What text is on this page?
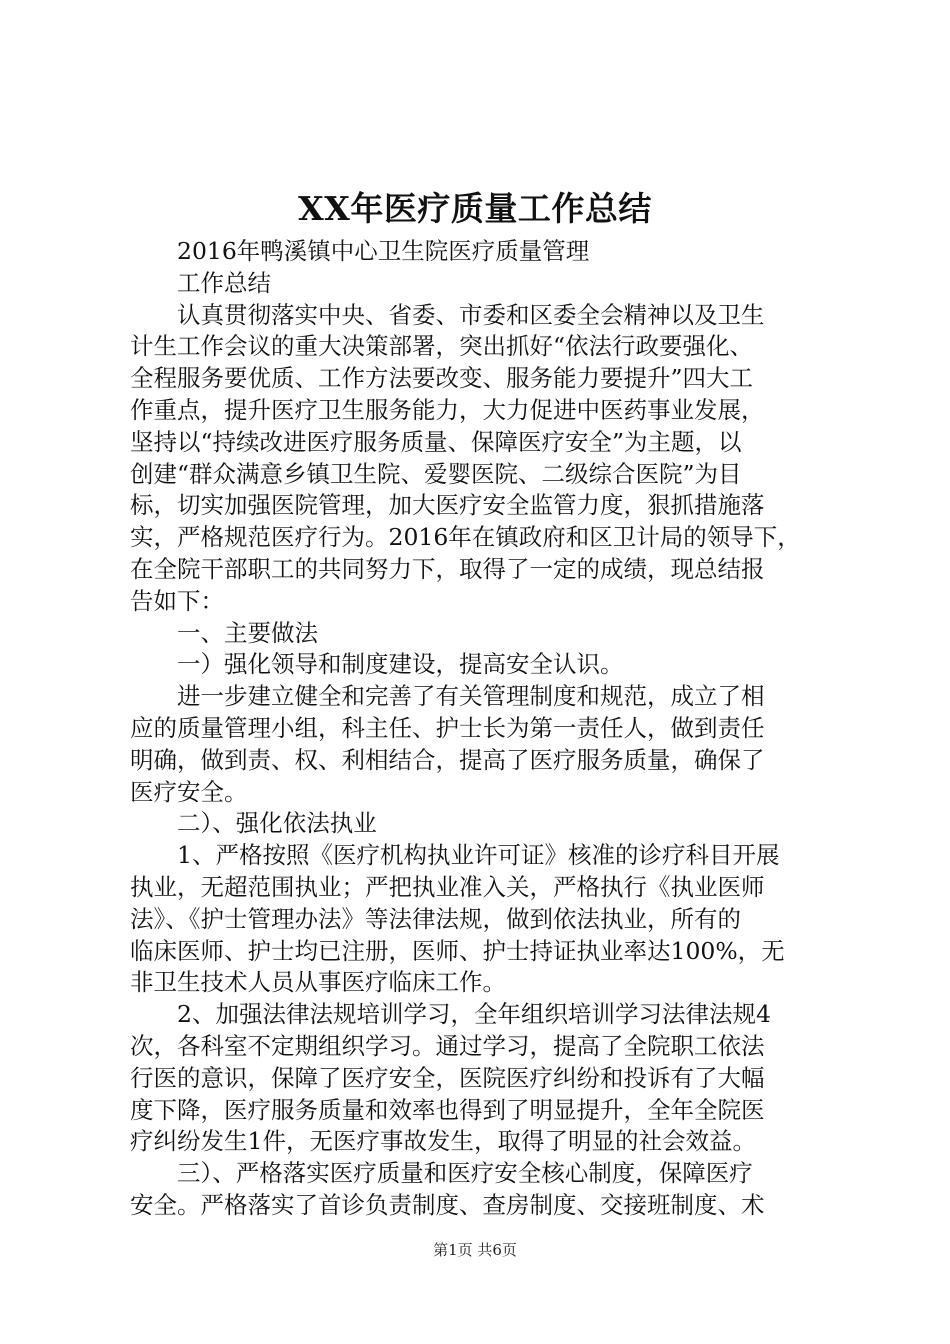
XX年医疗质量工作总结
　　2016年鸭溪镇中心卫生院医疗质量管理
　　工作总结
　　认真贯彻落实中央、省委、市委和区委全会精神以及卫生
计生工作会议的重大决策部署，突出抓好“依法行政要强化、
全程服务要优质、工作方法要改变、服务能力要提升”四大工
作重点，提升医疗卫生服务能力，大力促进中医药事业发展，
坚持以“持续改进医疗服务质量、保障医疗安全”为主题，以
创建“群众满意乡镇卫生院、爱婴医院、二级综合医院”为目
标，切实加强医院管理，加大医疗安全监管力度，狠抓措施落
实，严格规范医疗行为。2016年在镇政府和区卫计局的领导下，
在全院干部职工的共同努力下，取得了一定的成绩，现总结报
告如下：
　　一、主要做法
　　一）强化领导和制度建设，提高安全认识。
　　进一步建立健全和完善了有关管理制度和规范，成立了相
应的质量管理小组，科主任、护士长为第一责任人，做到责任
明确，做到责、权、利相结合，提高了医疗服务质量，确保了
医疗安全。
　　二）、强化依法执业
　　1、严格按照《医疗机构执业许可证》核准的诊疗科目开展
执业，无超范围执业；严把执业准入关，严格执行《执业医师
法》、《护士管理办法》等法律法规，做到依法执业，所有的
临床医师、护士均已注册，医师、护士持证执业率达100%，无
非卫生技术人员从事医疗临床工作。
　　2、加强法律法规培训学习，全年组织培训学习法律法规4
次，各科室不定期组织学习。通过学习，提高了全院职工依法
行医的意识，保障了医疗安全，医院医疗纠纷和投诉有了大幅
度下降，医疗服务质量和效率也得到了明显提升，全年全院医
疗纠纷发生1件，无医疗事故发生，取得了明显的社会效益。
　　三）、严格落实医疗质量和医疗安全核心制度，保障医疗
安全。严格落实了首诊负责制度、查房制度、交接班制度、术
第1页 共6页
